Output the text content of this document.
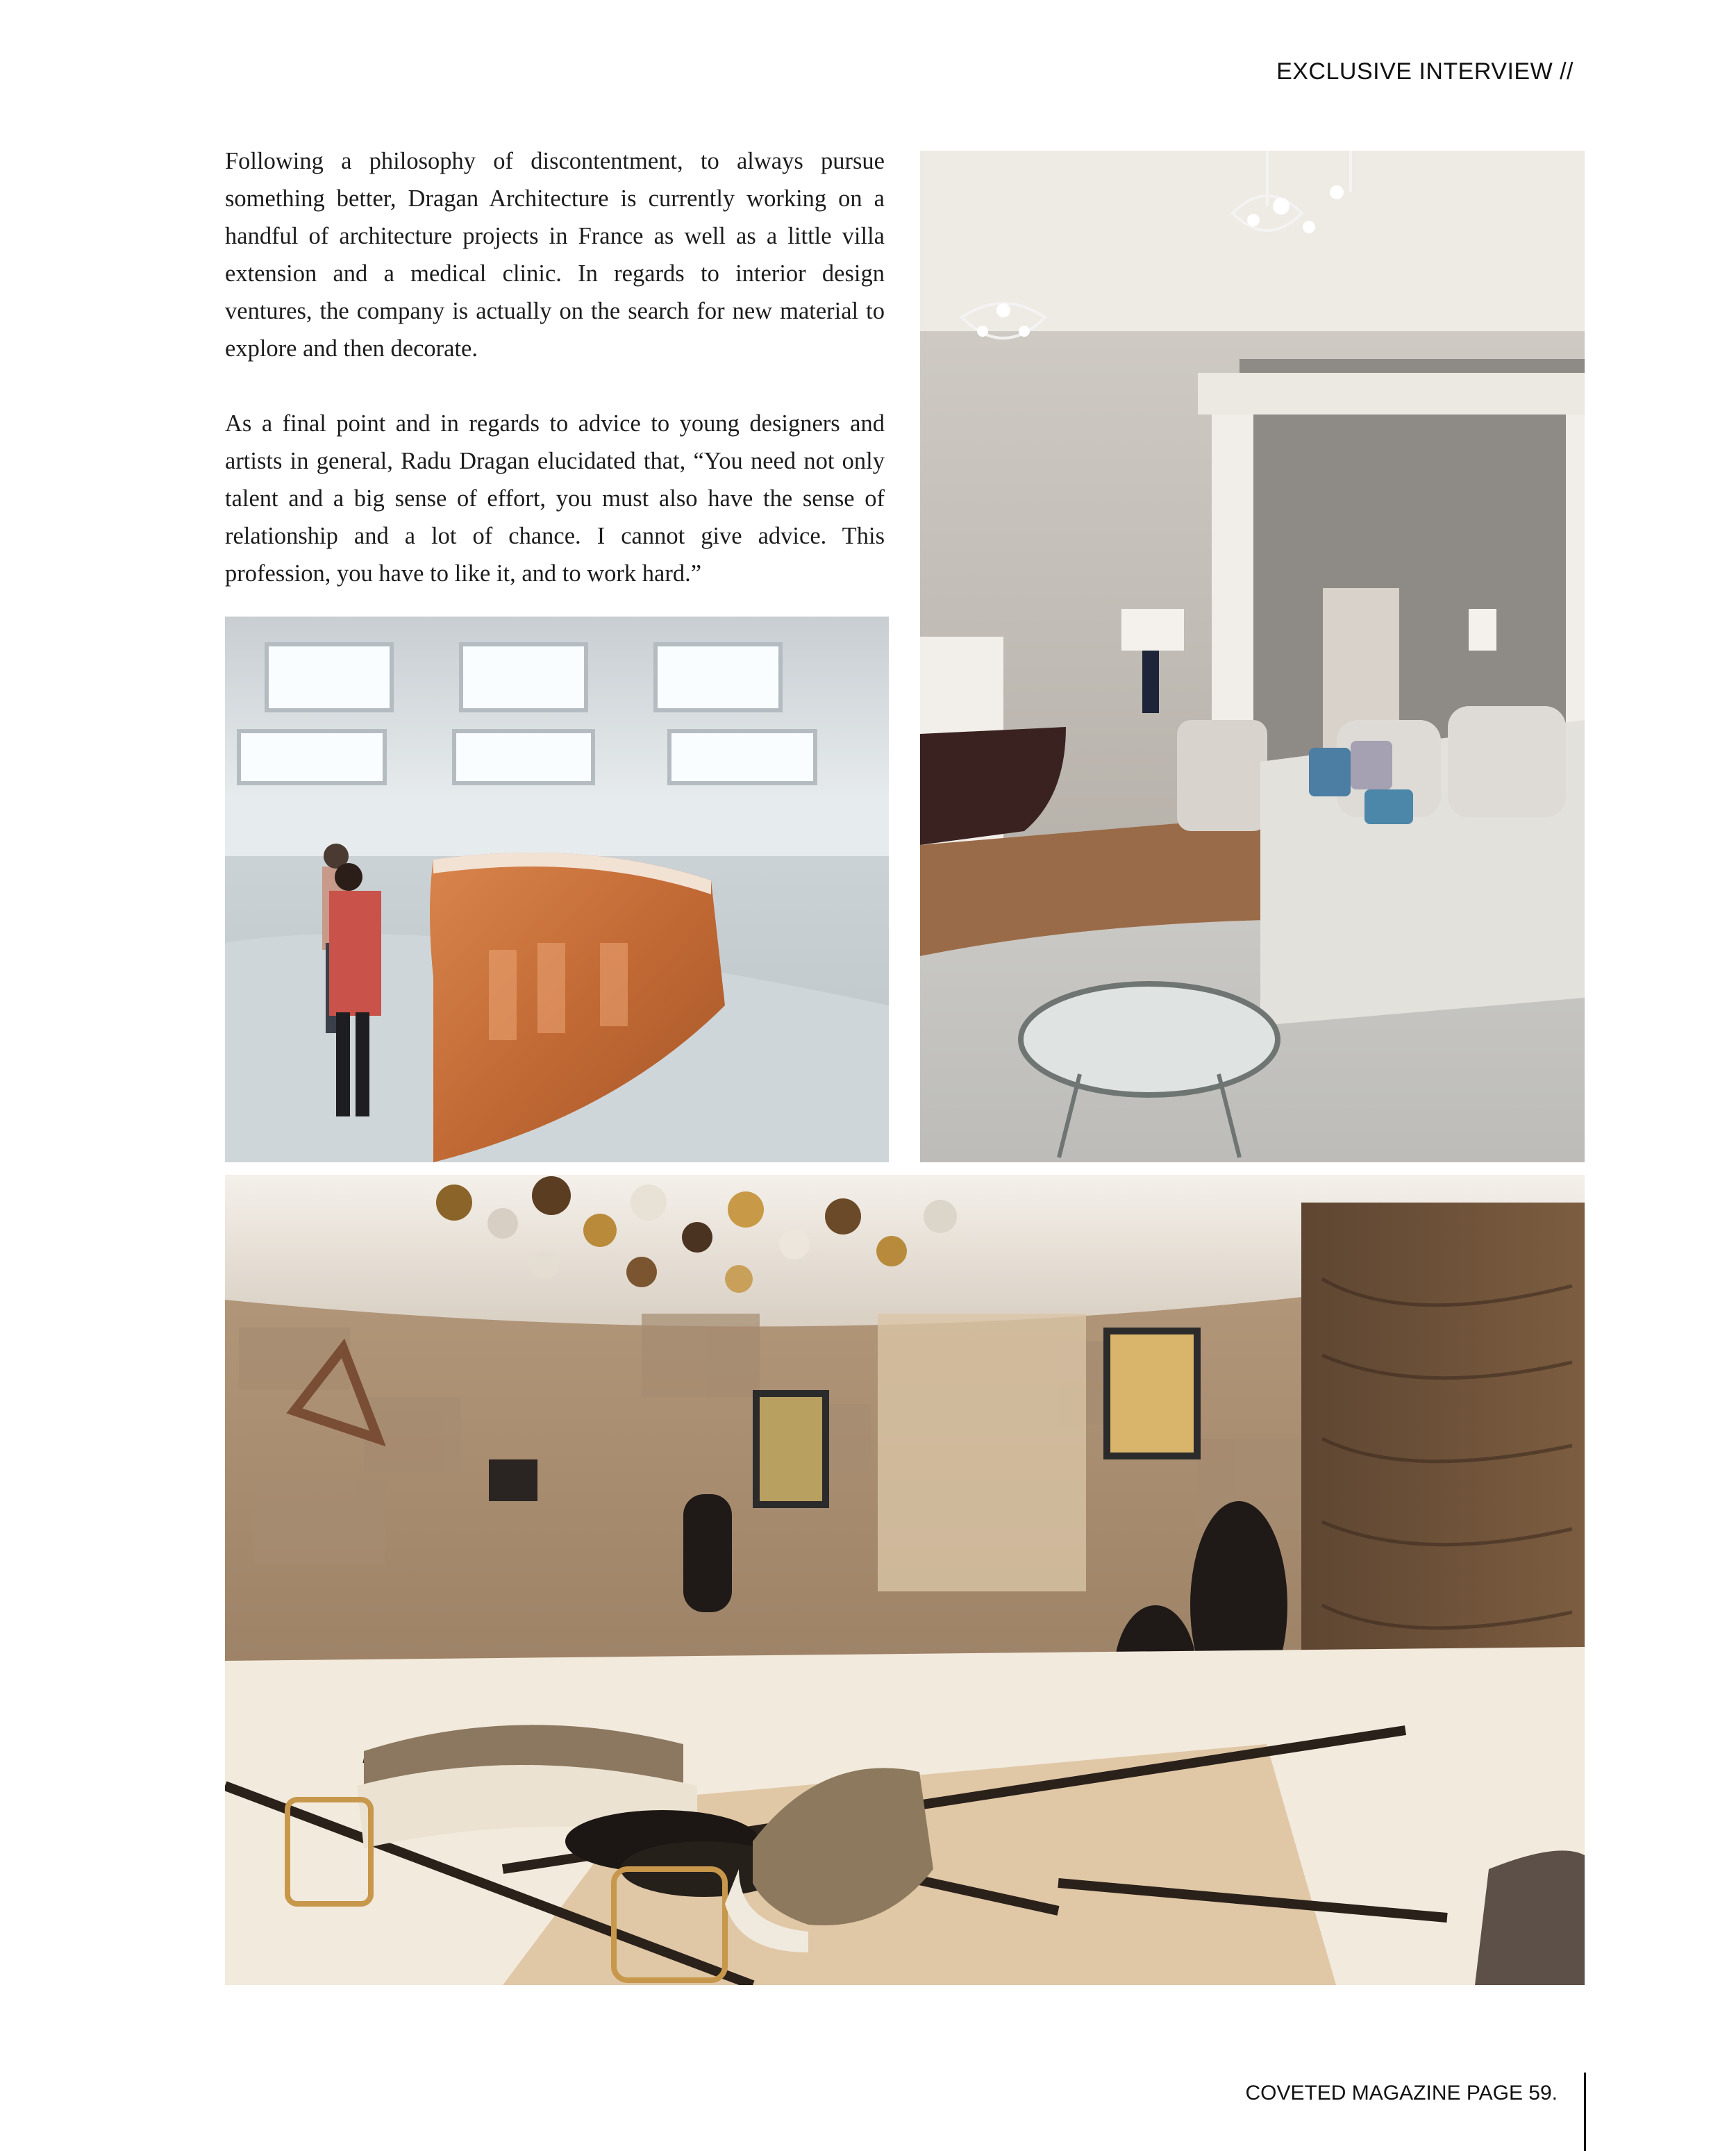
EXCLUSIVE INTERVIEW //

Following a philosophy of discontentment, to always pursue something better, Dragan Architecture is currently working on a handful of architecture projects in France as well as a little villa extension and a medical clinic. In regards to interior design ventures, the company is actually on the search for new material to explore and then decorate.

As a final point and in regards to advice to young designers and artists in general, Radu Dragan elucidated that, “You need not only talent and a big sense of effort, you must also have the sense of relationship and a lot of chance. I cannot give advice. This profession, you have to like it, and to work hard.”

COVETED MAGAZINE PAGE 59.
